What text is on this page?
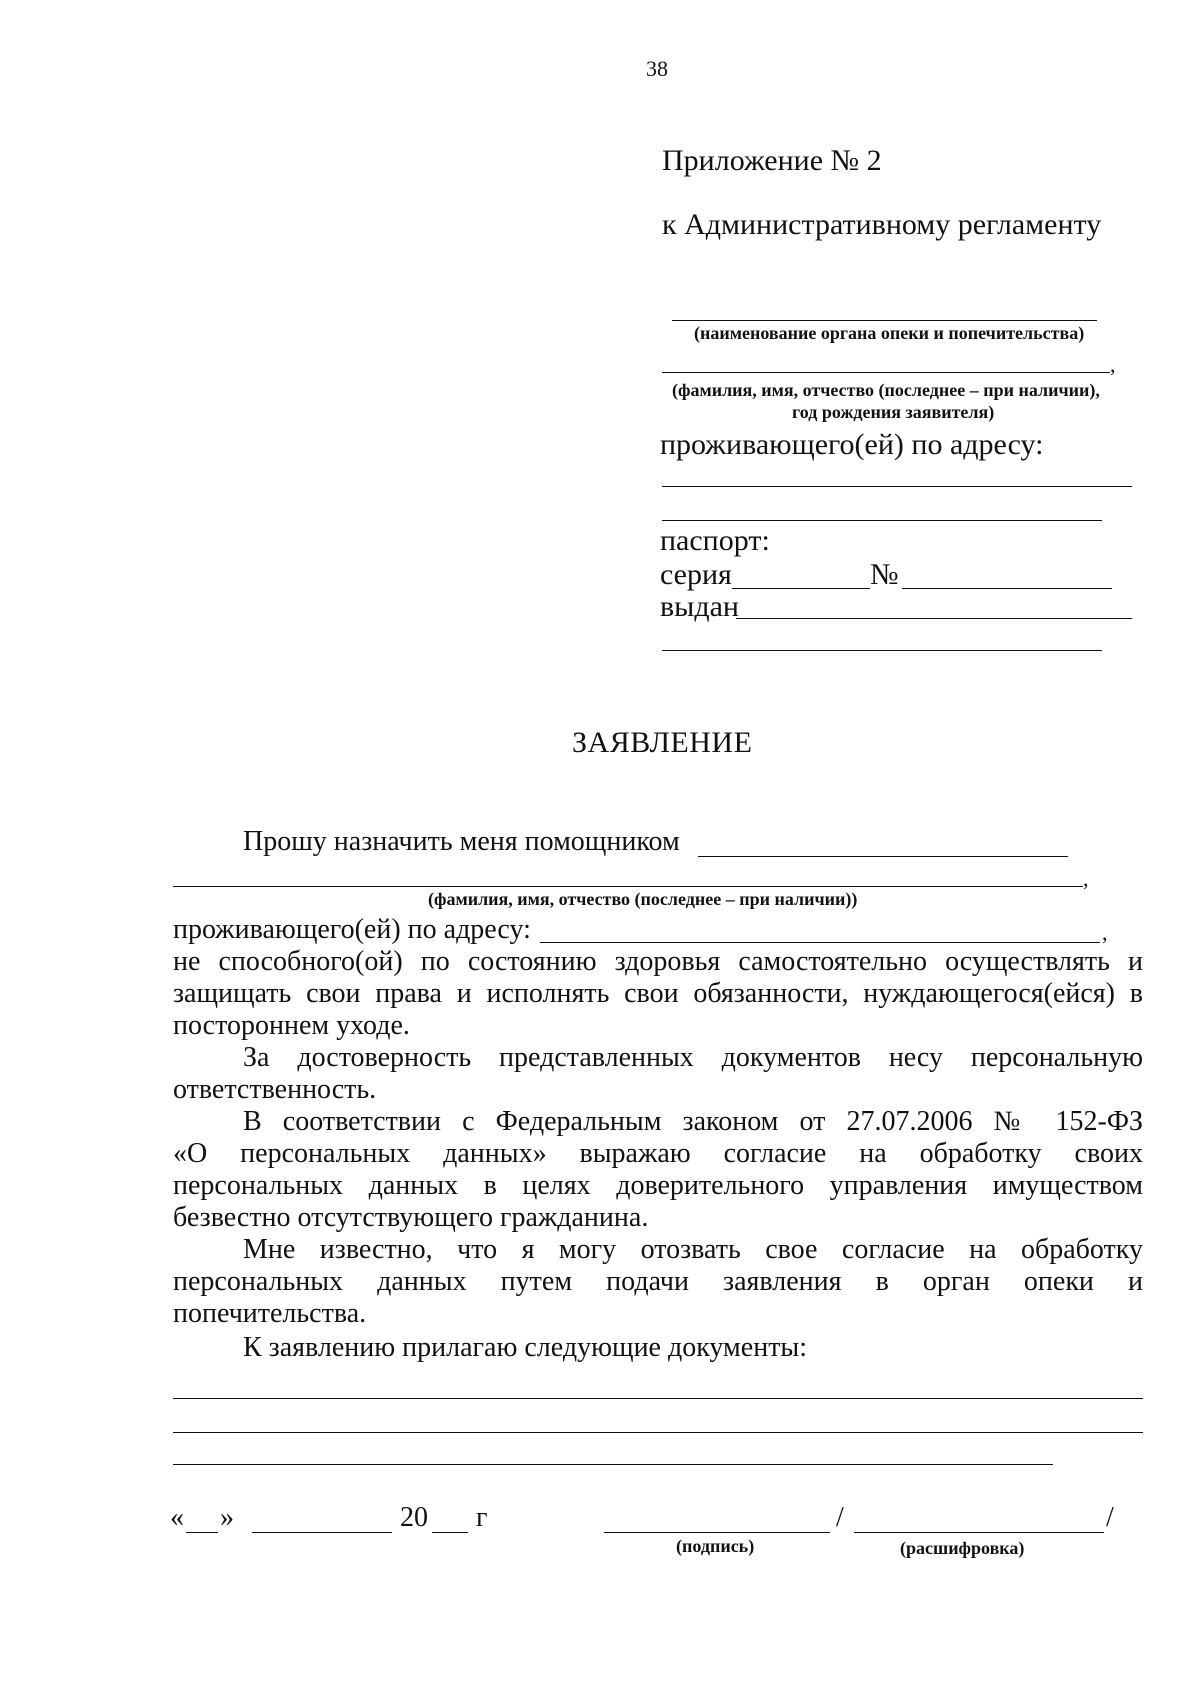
38
Приложение № 2
к Административному регламенту
(наименование органа опеки и попечительства)
,
(фамилия, имя, отчество (последнее – при наличии),
год рождения заявителя)
проживающего(ей) по адресу:
паспорт:
серия	№
выдан
ЗАЯВЛЕНИЕ
Прошу назначить меня помощником
,
(фамилия, имя, отчество (последнее – при наличии))
проживающего(ей) по адресу:	,
не способного(ой) по состоянию здоровья самостоятельно осуществлять и
защищать свои права и исполнять свои обязанности, нуждающегося(ейся) в
постороннем уходе.
За достоверность представленных документов несу персональную
ответственность.
В соответствии с Федеральным законом от 27.07.2006 № 152-ФЗ
«О персональных данных» выражаю согласие на обработку своих
персональных данных в целях доверительного управления имуществом
безвестно отсутствующего гражданина.
Мне известно, что я могу отозвать свое согласие на обработку
персональных данных путем подачи заявления в орган опеки и
попечительства.
К заявлению прилагаю следующие документы:
« »	20 г	/	/
(подпись)	(расшифровка)
